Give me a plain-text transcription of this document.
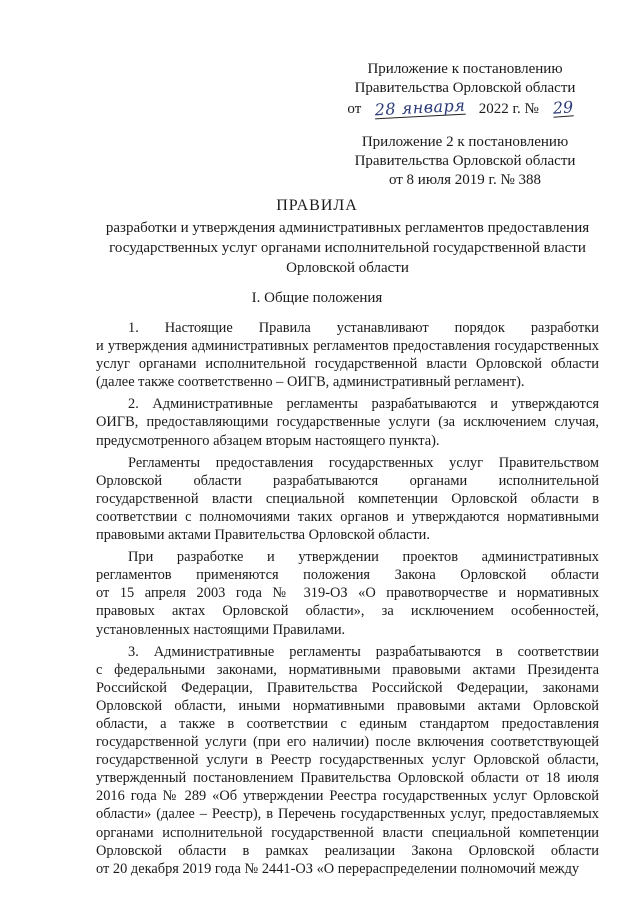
Приложение к постановлению
Правительства Орловской области
от 28 января 2022 г. № 29
Приложение 2 к постановлению
Правительства Орловской области
от 8 июля 2019 г. № 388
ПРАВИЛА
разработки и утверждения административных регламентов предоставления
государственных услуг органами исполнительной государственной власти
Орловской области
I. Общие положения
1.     Настоящие     Правила     устанавливают     порядок     разработки
и утверждения административных регламентов предоставления государственных
услуг органами исполнительной государственной власти Орловской области
(далее также соответственно – ОИГВ, административный регламент).
2. Административные регламенты разрабатываются и утверждаются
ОИГВ, предоставляющими государственные услуги (за исключением случая,
предусмотренного абзацем вторым настоящего пункта).
Регламенты предоставления государственных услуг Правительством
Орловской области разрабатываются органами исполнительной
государственной власти специальной компетенции Орловской области в
соответствии с полномочиями таких органов и утверждаются нормативными
правовыми актами Правительства Орловской области.
При разработке и утверждении проектов административных
регламентов применяются положения Закона Орловской области
от 15 апреля 2003 года № 319-ОЗ «О правотворчестве и нормативных
правовых актах Орловской области», за исключением особенностей,
установленных настоящими Правилами.
3. Административные регламенты разрабатываются в соответствии
с федеральными законами, нормативными правовыми актами Президента
Российской Федерации, Правительства Российской Федерации, законами
Орловской области, иными нормативными правовыми актами Орловской
области, а также в соответствии с единым стандартом предоставления
государственной услуги (при его наличии) после включения соответствующей
государственной услуги в Реестр государственных услуг Орловской области,
утвержденный постановлением Правительства Орловской области от 18 июля
2016 года № 289 «Об утверждении Реестра государственных услуг Орловской
области» (далее – Реестр), в Перечень государственных услуг, предоставляемых
органами исполнительной государственной власти специальной компетенции
Орловской области в рамках реализации Закона Орловской области
от 20 декабря 2019 года № 2441-ОЗ «О перераспределении полномочий между
